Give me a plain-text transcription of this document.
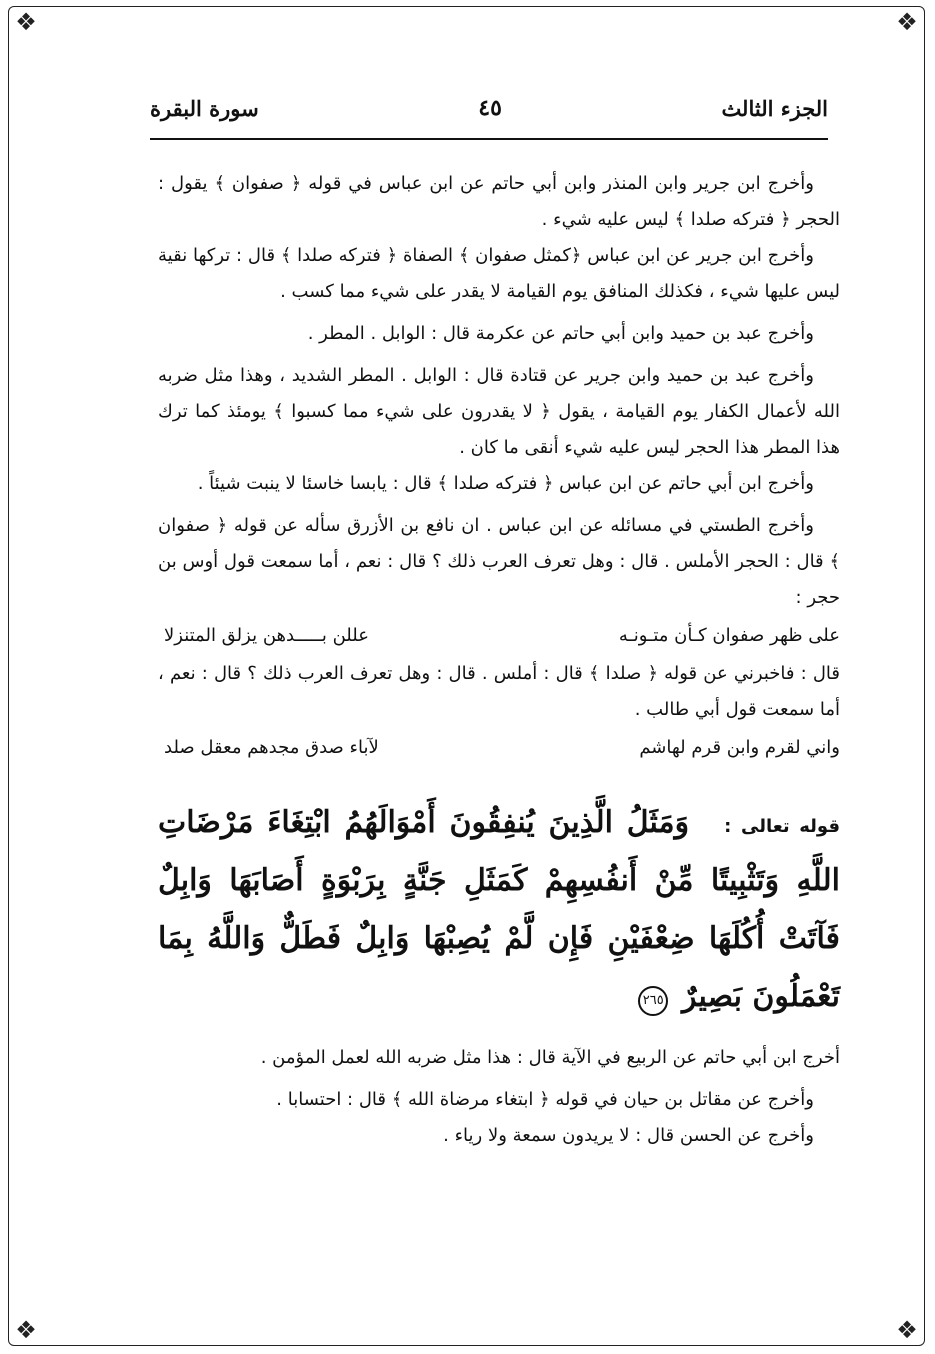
❖	❖
❖	❖
الجزء الثالث
٤٥
سورة البقرة

وأخرج ابن جرير وابن المنذر وابن أبي حاتم عن ابن عباس في قوله ﴿ صفوان ﴾ يقول : الحجر ﴿ فتركه صلدا ﴾ ليس عليه شيء .

وأخرج ابن جرير عن ابن عباس ﴿كمثل صفوان ﴾ الصفاة ﴿ فتركه صلدا ﴾ قال : تركها نقية ليس عليها شيء ، فكذلك المنافق يوم القيامة لا يقدر على شيء مما كسب .

وأخرج عبد بن حميد وابن أبي حاتم عن عكرمة قال : الوابل . المطر .

وأخرج عبد بن حميد وابن جرير عن قتادة قال : الوابل . المطر الشديد ، وهذا مثل ضربه الله لأعمال الكفار يوم القيامة ، يقول ﴿ لا يقدرون على شيء مما كسبوا ﴾ يومئذ كما ترك هذا المطر هذا الحجر ليس عليه شيء أنقى ما كان .

وأخرج ابن أبي حاتم عن ابن عباس ﴿ فتركه صلدا ﴾ قال : يابسا خاسئا لا ينبت شيئاً .

وأخرج الطستي في مسائله عن ابن عباس . ان نافع بن الأزرق سأله عن قوله ﴿ صفوان ﴾ قال : الحجر الأملس . قال : وهل تعرف العرب ذلك ؟ قال : نعم ، أما سمعت قول أوس بن حجر :

على ظهر صفوان كـأن متـونـه
عللن بـــــدهن يزلق المتنزلا

قال : فاخبرني عن قوله ﴿ صلدا ﴾ قال : أملس . قال : وهل تعرف العرب ذلك ؟ قال : نعم ، أما سمعت قول أبي طالب .

واني لقرم وابن قرم لهاشم
لآباء صدق مجدهم معقل صلد
قوله تعالى : وَمَثَلُ الَّذِينَ يُنفِقُونَ أَمْوَالَهُمُ ابْتِغَاءَ مَرْضَاتِ اللَّهِ وَتَثْبِيتًا مِّنْ أَنفُسِهِمْ كَمَثَلِ جَنَّةٍ بِرَبْوَةٍ أَصَابَهَا وَابِلٌ فَآتَتْ أُكُلَهَا ضِعْفَيْنِ فَإِن لَّمْ يُصِبْهَا وَابِلٌ فَطَلٌّ وَاللَّهُ بِمَا تَعْمَلُونَ بَصِيرٌ ٢٦٥

أخرج ابن أبي حاتم عن الربيع في الآية قال : هذا مثل ضربه الله لعمل المؤمن .

وأخرج عن مقاتل بن حيان في قوله ﴿ ابتغاء مرضاة الله ﴾ قال : احتسابا .

وأخرج عن الحسن قال : لا يريدون سمعة ولا رياء .
